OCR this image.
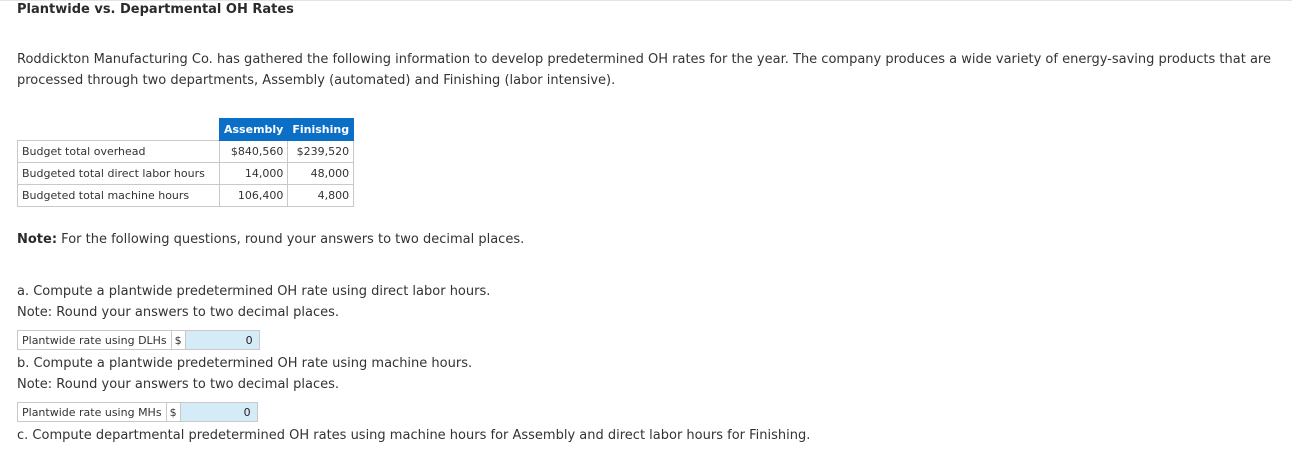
Plantwide vs. Departmental OH Rates
Roddickton Manufacturing Co. has gathered the following information to develop predetermined OH rates for the year. The company produces a wide variety of energy-saving products that are processed through two departments, Assembly (automated) and Finishing (labor intensive).
	Assembly	Finishing
Budget total overhead	$840,560	$239,520
Budgeted total direct labor hours	14,000	48,000
Budgeted total machine hours	106,400	4,800
Note: For the following questions, round your answers to two decimal places.
a. Compute a plantwide predetermined OH rate using direct labor hours.
Note: Round your answers to two decimal places.
Plantwide rate using DLHs $	0
b. Compute a plantwide predetermined OH rate using machine hours.
Note: Round your answers to two decimal places.
Plantwide rate using MHs $	0
c. Compute departmental predetermined OH rates using machine hours for Assembly and direct labor hours for Finishing.
